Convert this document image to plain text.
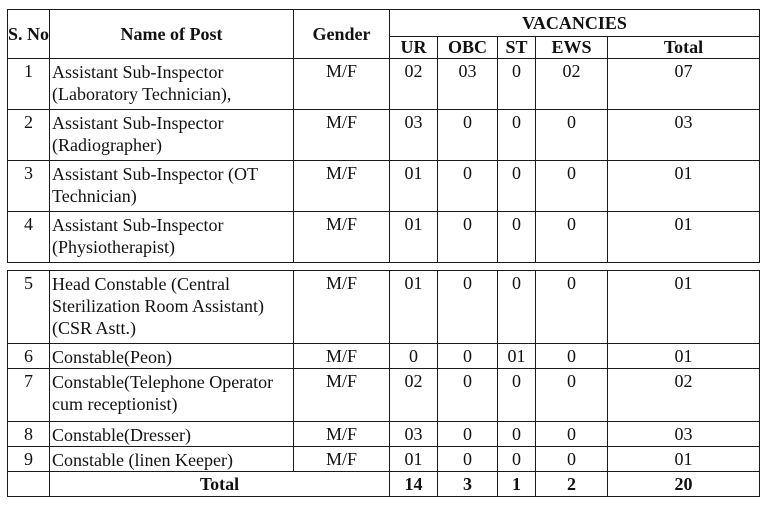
S. No	Name of Post	Gender	VACANCIES				
			UR	OBC	ST	EWS	Total
1	Assistant Sub-Inspector (Laboratory Technician),	M/F	02	03	0	02	07
2	Assistant Sub-Inspector (Radiographer)	M/F	03	0	0	0	03
3	Assistant Sub-Inspector (OT Technician)	M/F	01	0	0	0	01
4	Assistant Sub-Inspector (Physiotherapist)	M/F	01	0	0	0	01
5	Head Constable (Central Sterilization Room Assistant) (CSR Astt.)	M/F	01	0	0	0	01
6	Constable(Peon)	M/F	0	0	01	0	01
7	Constable(Telephone Operator cum receptionist)	M/F	02	0	0	0	02
8	Constable(Dresser)	M/F	03	0	0	0	03
9	Constable (linen Keeper)	M/F	01	0	0	0	01
	Total		14	3	1	2	20
